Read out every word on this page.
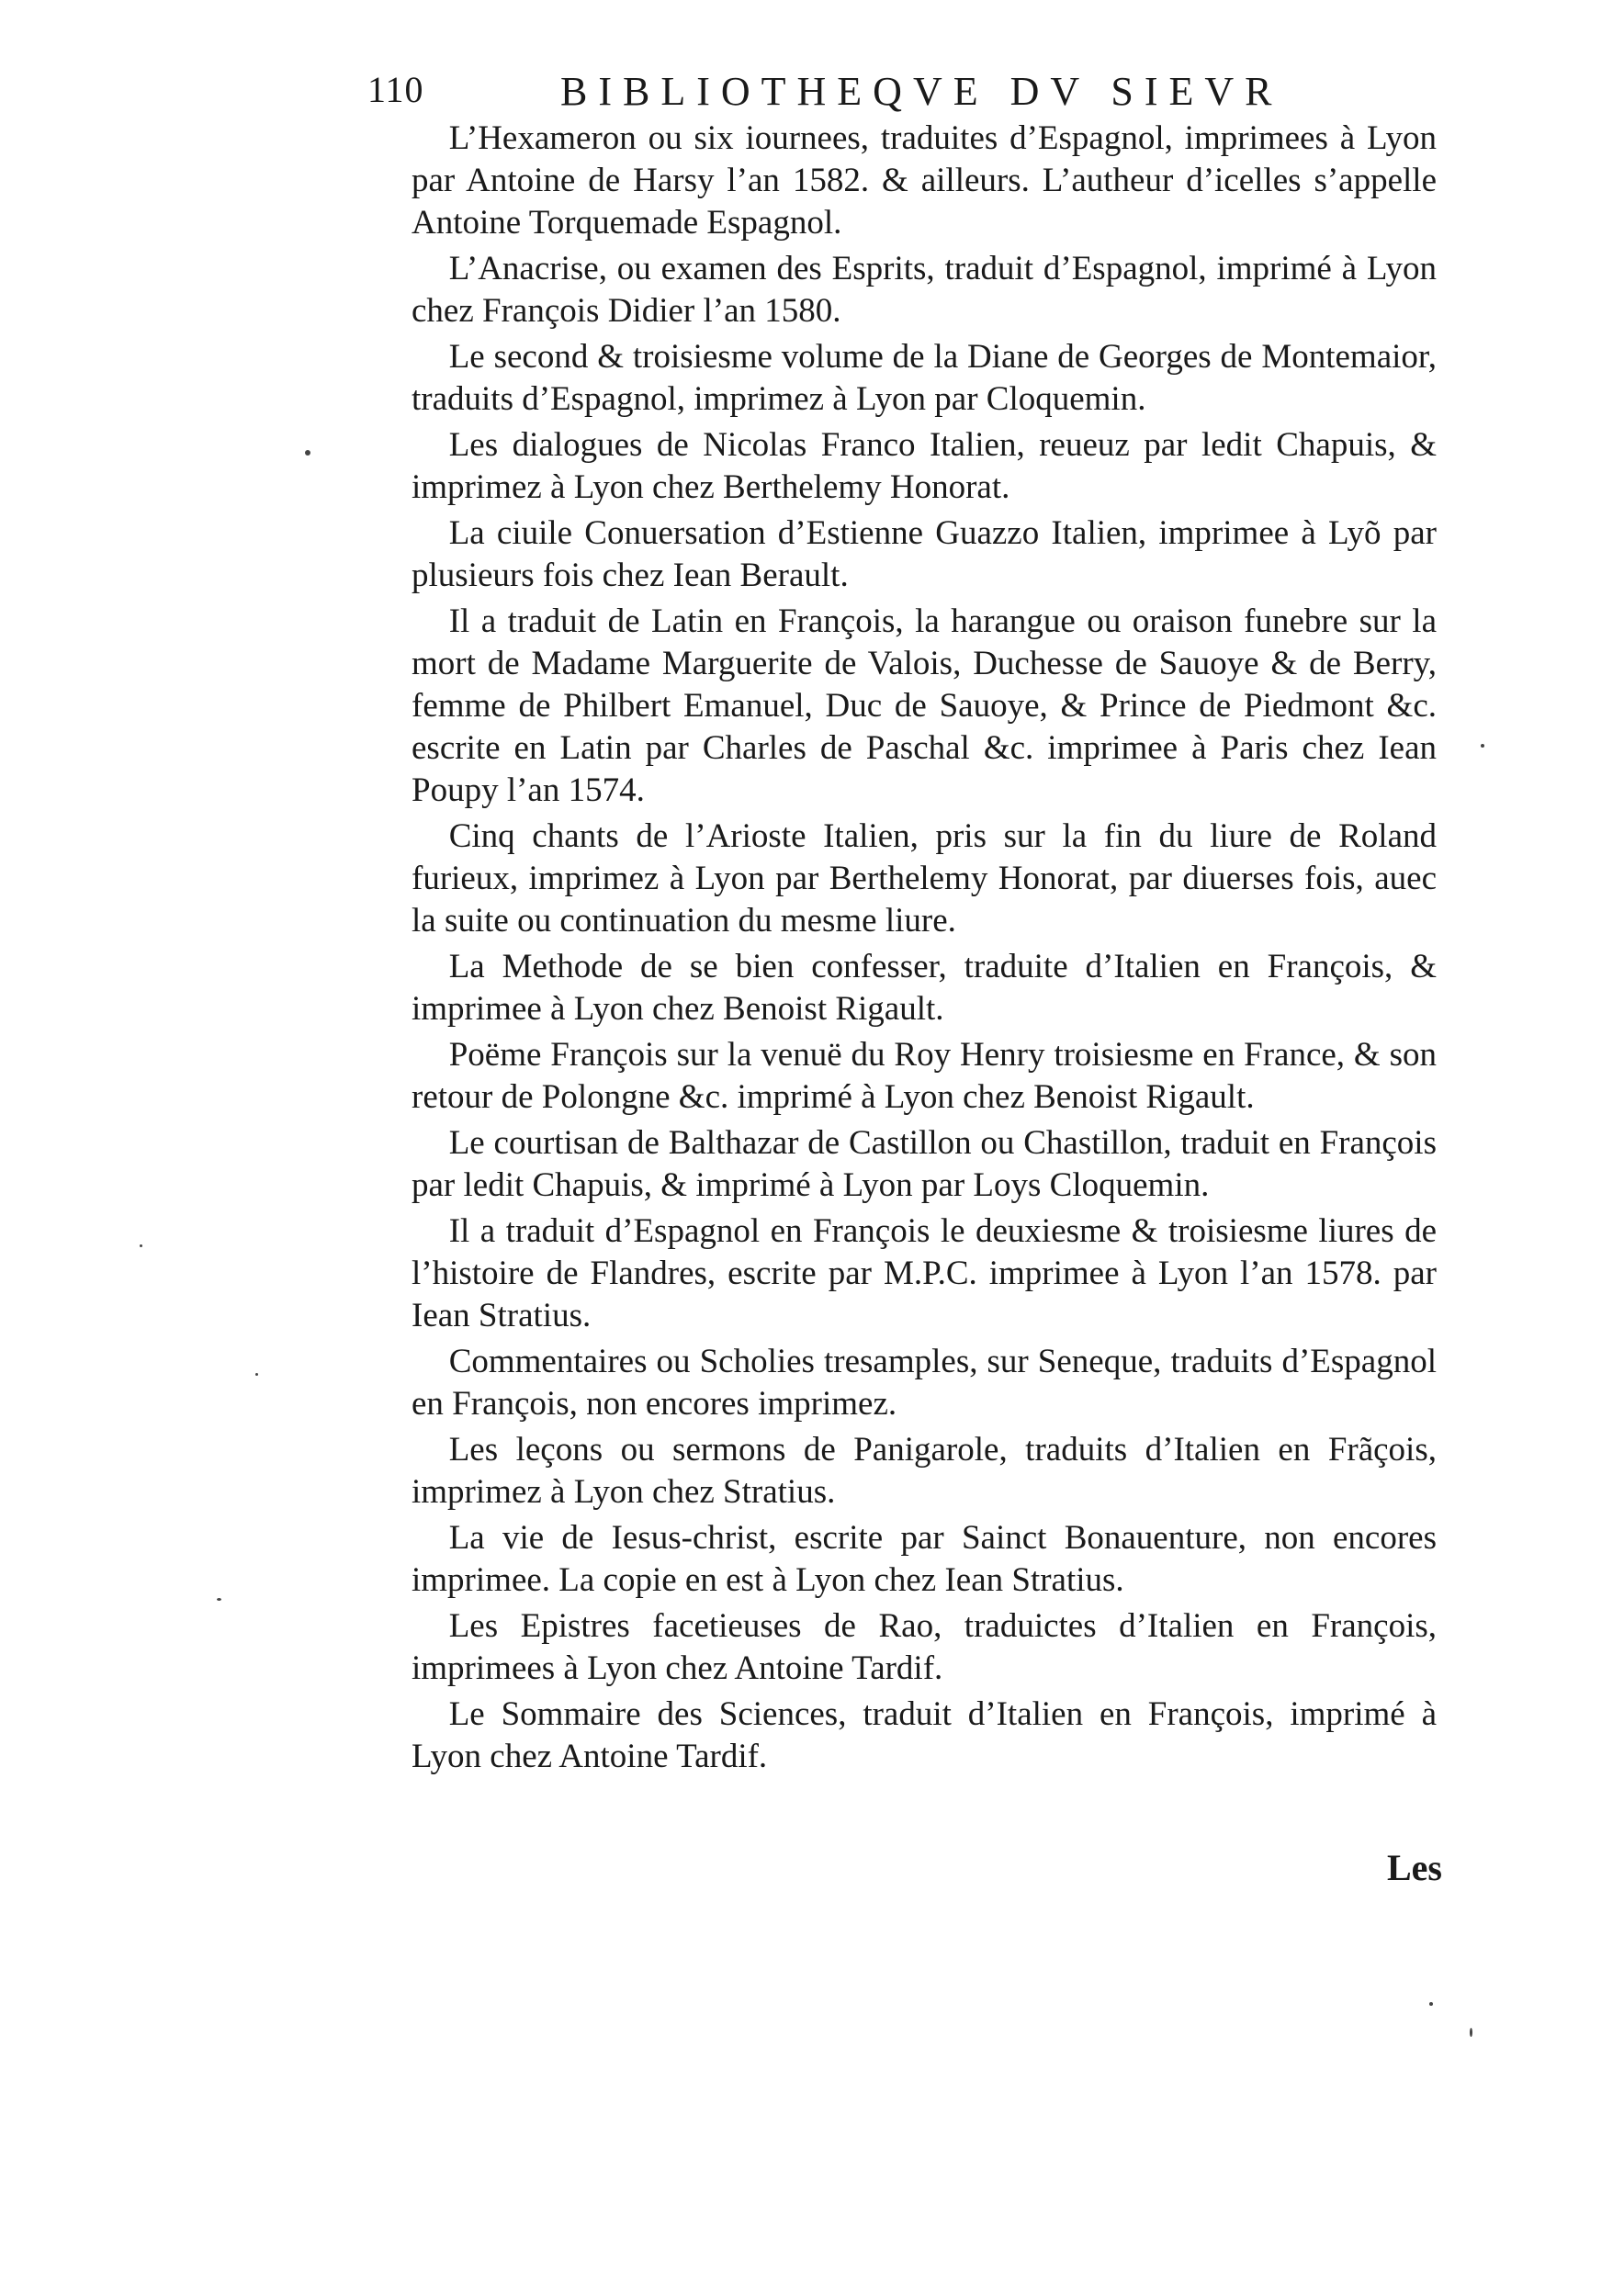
110	BIBLIOTHEQVE DV SIEVR

L’Hexameron ou six iournees, traduites d’Espagnol, imprimees à Lyon par Antoine de Harsy l’an 1582. & ailleurs. L’autheur d’icelles s’appelle Antoine Torquemade Espagnol.

L’Anacrise, ou examen des Esprits, traduit d’Espagnol, imprimé à Lyon chez François Didier l’an 1580.

Le second & troisiesme volume de la Diane de Georges de Montemaior, traduits d’Espagnol, imprimez à Lyon par Cloquemin.

Les dialogues de Nicolas Franco Italien, reueuz par ledit Chapuis, & imprimez à Lyon chez Berthelemy Honorat.

La ciuile Conuersation d’Estienne Guazzo Italien, imprimee à Lyõ par plusieurs fois chez Iean Berault.

Il a traduit de Latin en François, la harangue ou oraison funebre sur la mort de Madame Marguerite de Valois, Duchesse de Sauoye & de Berry, femme de Philbert Emanuel, Duc de Sauoye, & Prince de Piedmont &c. escrite en Latin par Charles de Paschal &c. imprimee à Paris chez Iean Poupy l’an 1574.

Cinq chants de l’Arioste Italien, pris sur la fin du liure de Roland furieux, imprimez à Lyon par Berthelemy Honorat, par diuerses fois, auec la suite ou continuation du mesme liure.

La Methode de se bien confesser, traduite d’Italien en François, & imprimee à Lyon chez Benoist Rigault.

Poëme François sur la venuë du Roy Henry troisiesme en France, & son retour de Polongne &c. imprimé à Lyon chez Benoist Rigault.

Le courtisan de Balthazar de Castillon ou Chastillon, traduit en François par ledit Chapuis, & imprimé à Lyon par Loys Cloquemin.

Il a traduit d’Espagnol en François le deuxiesme & troisiesme liures de l’histoire de Flandres, escrite par M.P.C. imprimee à Lyon l’an 1578. par Iean Stratius.

Commentaires ou Scholies tresamples, sur Seneque, traduits d’Espagnol en François, non encores imprimez.

Les leçons ou sermons de Panigarole, traduits d’Italien en Frãçois, imprimez à Lyon chez Stratius.

La vie de Iesus-christ, escrite par Sainct Bonauenture, non encores imprimee. La copie en est à Lyon chez Iean Stratius.

Les Epistres facetieuses de Rao, traduictes d’Italien en François, imprimees à Lyon chez Antoine Tardif.

Le Sommaire des Sciences, traduit d’Italien en François, imprimé à Lyon chez Antoine Tardif.

Les
